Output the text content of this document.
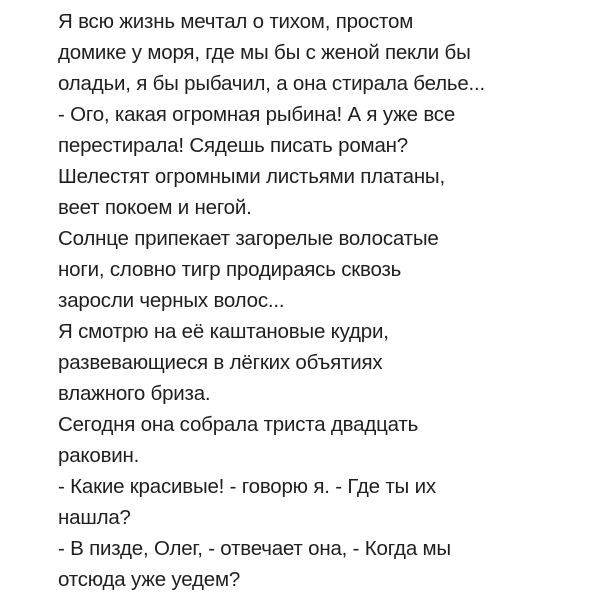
Я всю жизнь мечтал о тихом, простом
домике у моря, где мы бы с женой пекли бы
оладьи, я бы рыбачил, а она стирала белье...
- Ого, какая огромная рыбина! А я уже все
перестирала! Сядешь писать роман?
Шелестят огромными листьями платаны,
веет покоем и негой.
Солнце припекает загорелые волосатые
ноги, словно тигр продираясь сквозь
заросли черных волос...
Я смотрю на её каштановые кудри,
развевающиеся в лёгких объятиях
влажного бриза.
Сегодня она собрала триста двадцать
раковин.
- Какие красивые! - говорю я. - Где ты их
нашла?
- В пизде, Олег, - отвечает она, - Когда мы
отсюда уже уедем?
